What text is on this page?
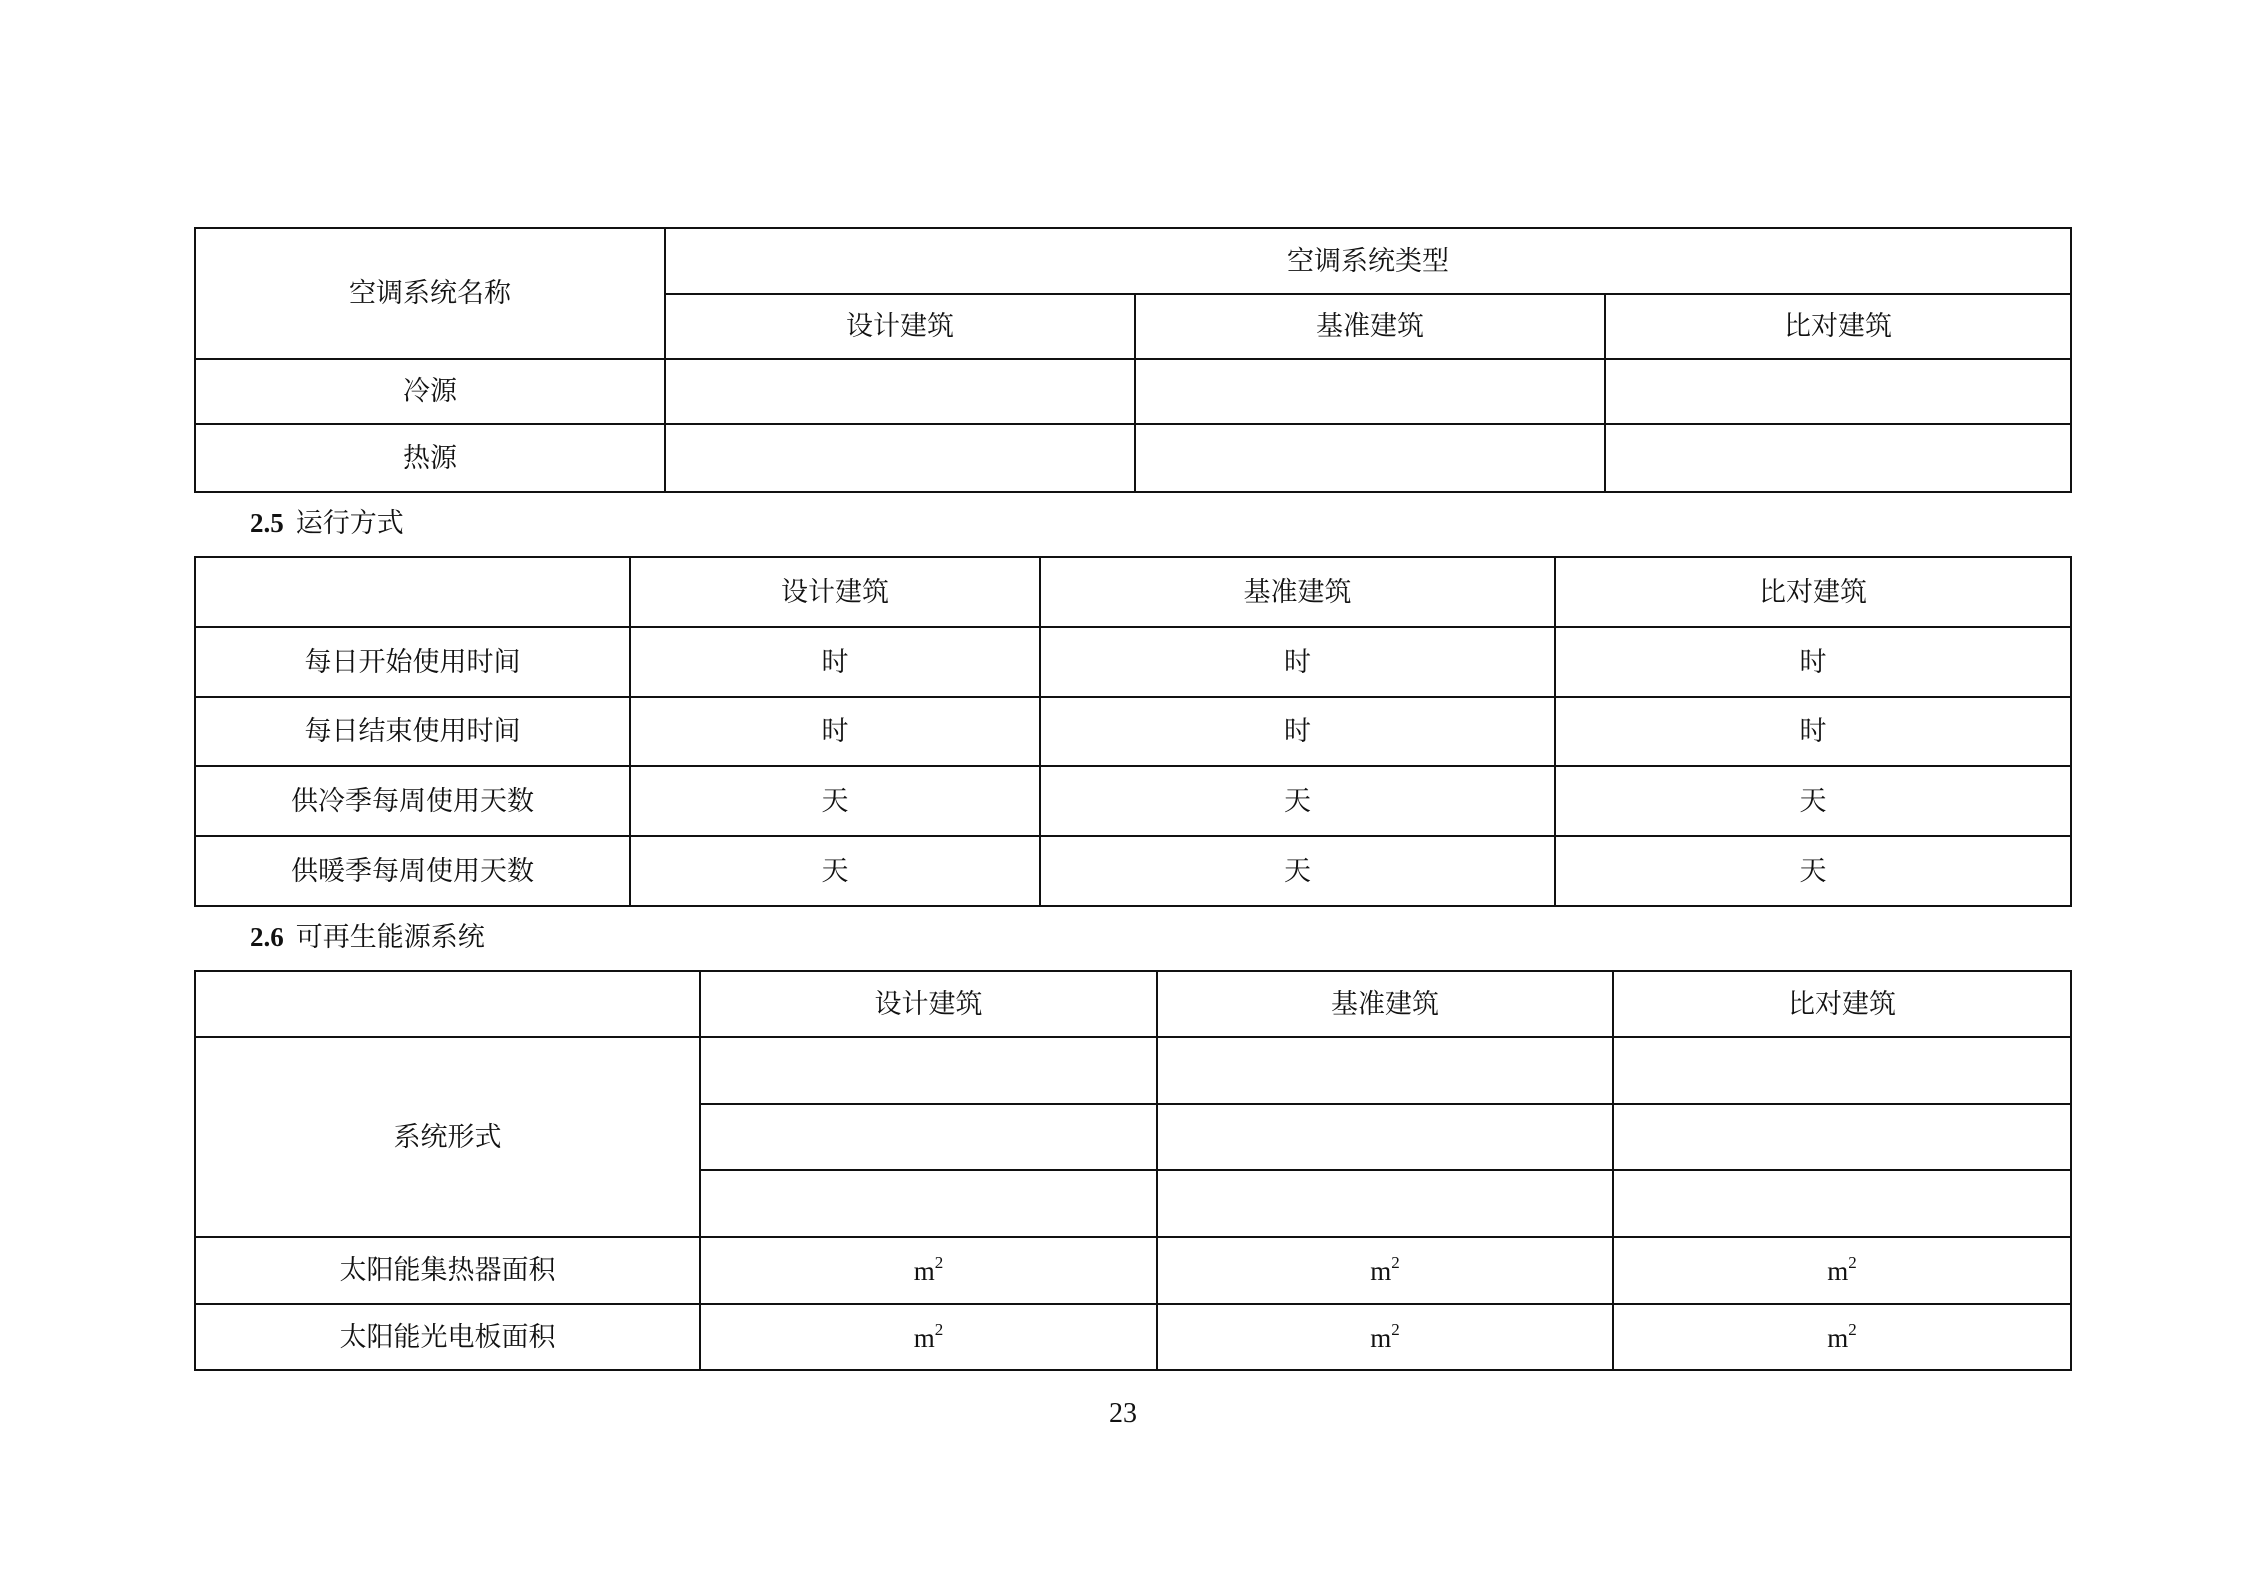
空调系统名称	空调系统类型		
	设计建筑	基准建筑	比对建筑
冷源			
热源			
2.5 运行方式
	设计建筑	基准建筑	比对建筑
每日开始使用时间	时	时	时
每日结束使用时间	时	时	时
供冷季每周使用天数	天	天	天
供暖季每周使用天数	天	天	天
2.6 可再生能源系统
	设计建筑	基准建筑	比对建筑
系统形式			

太阳能集热器面积	$m^2$	$m^2$	$m^2$
太阳能光电板面积	$m^2$	$m^2$	$m^2$
23
